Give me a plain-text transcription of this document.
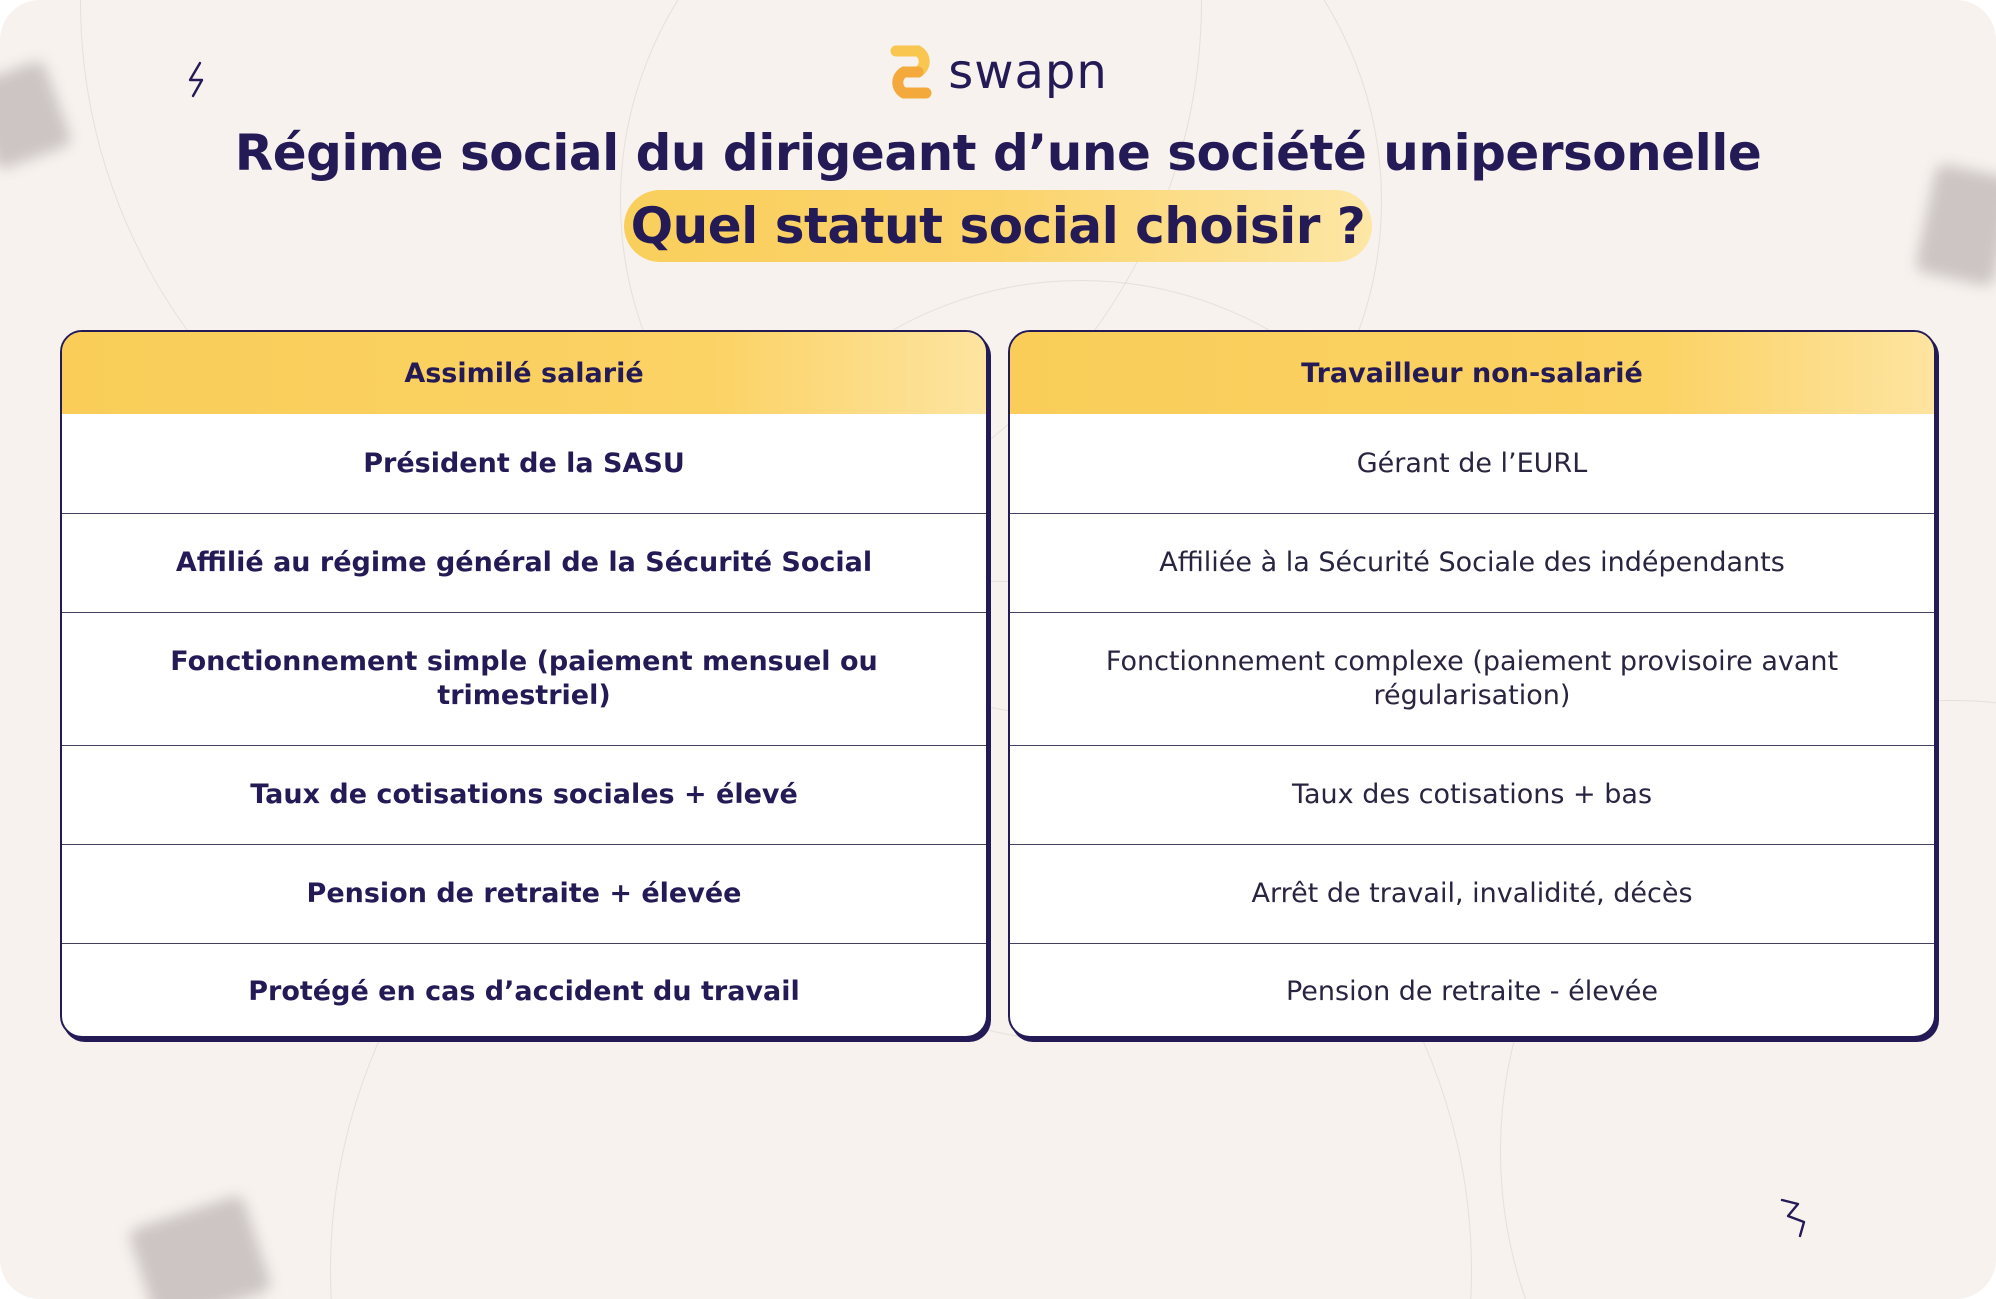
swapn
Régime social du dirigeant d’une société unipersonelle
Quel statut social choisir ?
Assimilé salarié
Président de la SASU
Affilié au régime général de la Sécurité Social
Fonctionnement simple (paiement mensuel ou trimestriel)
Taux de cotisations sociales + élevé
Pension de retraite + élevée
Protégé en cas d’accident du travail
Travailleur non-salarié
Gérant de l’EURL
Affiliée à la Sécurité Sociale des indépendants
Fonctionnement complexe (paiement provisoire avant régularisation)
Taux des cotisations + bas
Arrêt de travail, invalidité, décès
Pension de retraite - élevée
